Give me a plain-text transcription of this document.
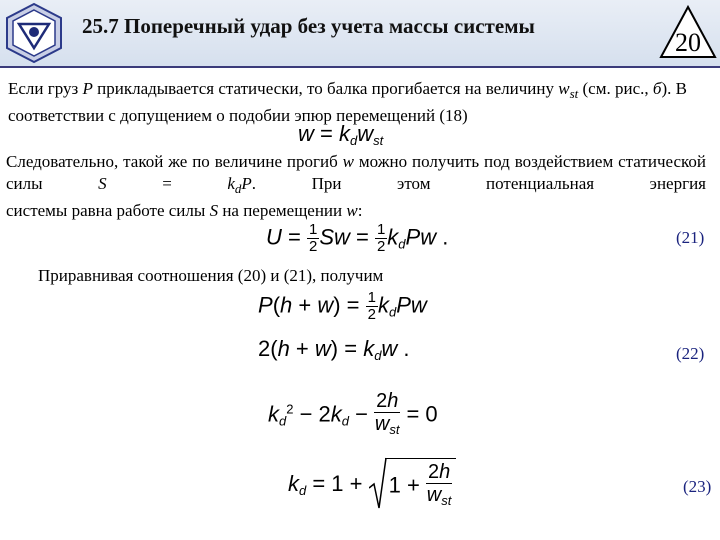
25.7 Поперечный удар без учета массы системы
20

Если груз P прикладывается статически, то балка прогибается на величину $w_{st}$ (см. рис., б). В соответствии с допущением о подобии эпюр перемещений (18)

$w = k_dw_{st}$

Следовательно, такой же по величине прогиб w можно получить под воздействием статической силы $S = k_dP$. При этом потенциальная энергия
системы равна работе силы S на перемещении w:

$U = \frac{1}{2}$ $Sw = \frac{1}{2} k_dPw$ .	(21)

Приравнивая соотношения (20) и (21), получим

$P(h + w) = \frac{1}{2} k_dPw$
$2(h + w) = k_dw$ .	(22)
$k_d^2 - 2k_d - \frac{2h}{w_{st}} = 0$
$k_d = 1$ +
$1 + \frac{2h}{w_{st}}$	(23)
